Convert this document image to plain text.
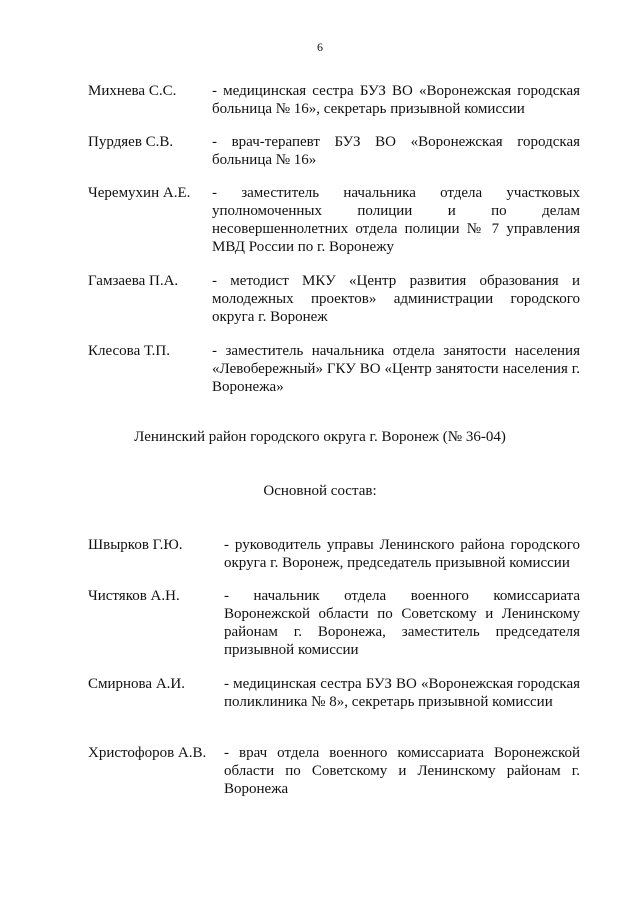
6
Михнева С.С. - медицинская сестра БУЗ ВО «Воронежская городская больница № 16», секретарь призывной комиссии
Пурдяев С.В.	- врач-терапевт БУЗ ВО «Воронежская городская больница № 16»
Черемухин А.Е. - заместитель начальника отдела участковых уполномоченных полиции и по делам несовершеннолетних отдела полиции № 7 управления МВД России по г. Воронежу
Гамзаева П.А. - методист МКУ «Центр развития образования и молодежных проектов» администрации городского округа г. Воронеж
Клесова Т.П.	- заместитель начальника отдела занятости населения «Левобережный» ГКУ ВО «Центр занятости населения г. Воронежа»
Ленинский район городского округа г. Воронеж (№ 36-04)
Основной состав:
Швырков Г.Ю.	- руководитель управы Ленинского района городского округа г. Воронеж, председатель призывной комиссии
Чистяков А.Н.	- начальник отдела военного комиссариата Воронежской области по Советскому и Ленинскому районам г. Воронежа, заместитель председателя призывной комиссии
Смирнова А.И.	- медицинская сестра БУЗ ВО «Воронежская городская поликлиника № 8», секретарь призывной комиссии
Христофоров А.В. - врач отдела военного комиссариата Воронежской области по Советскому и Ленинскому районам г. Воронежа
